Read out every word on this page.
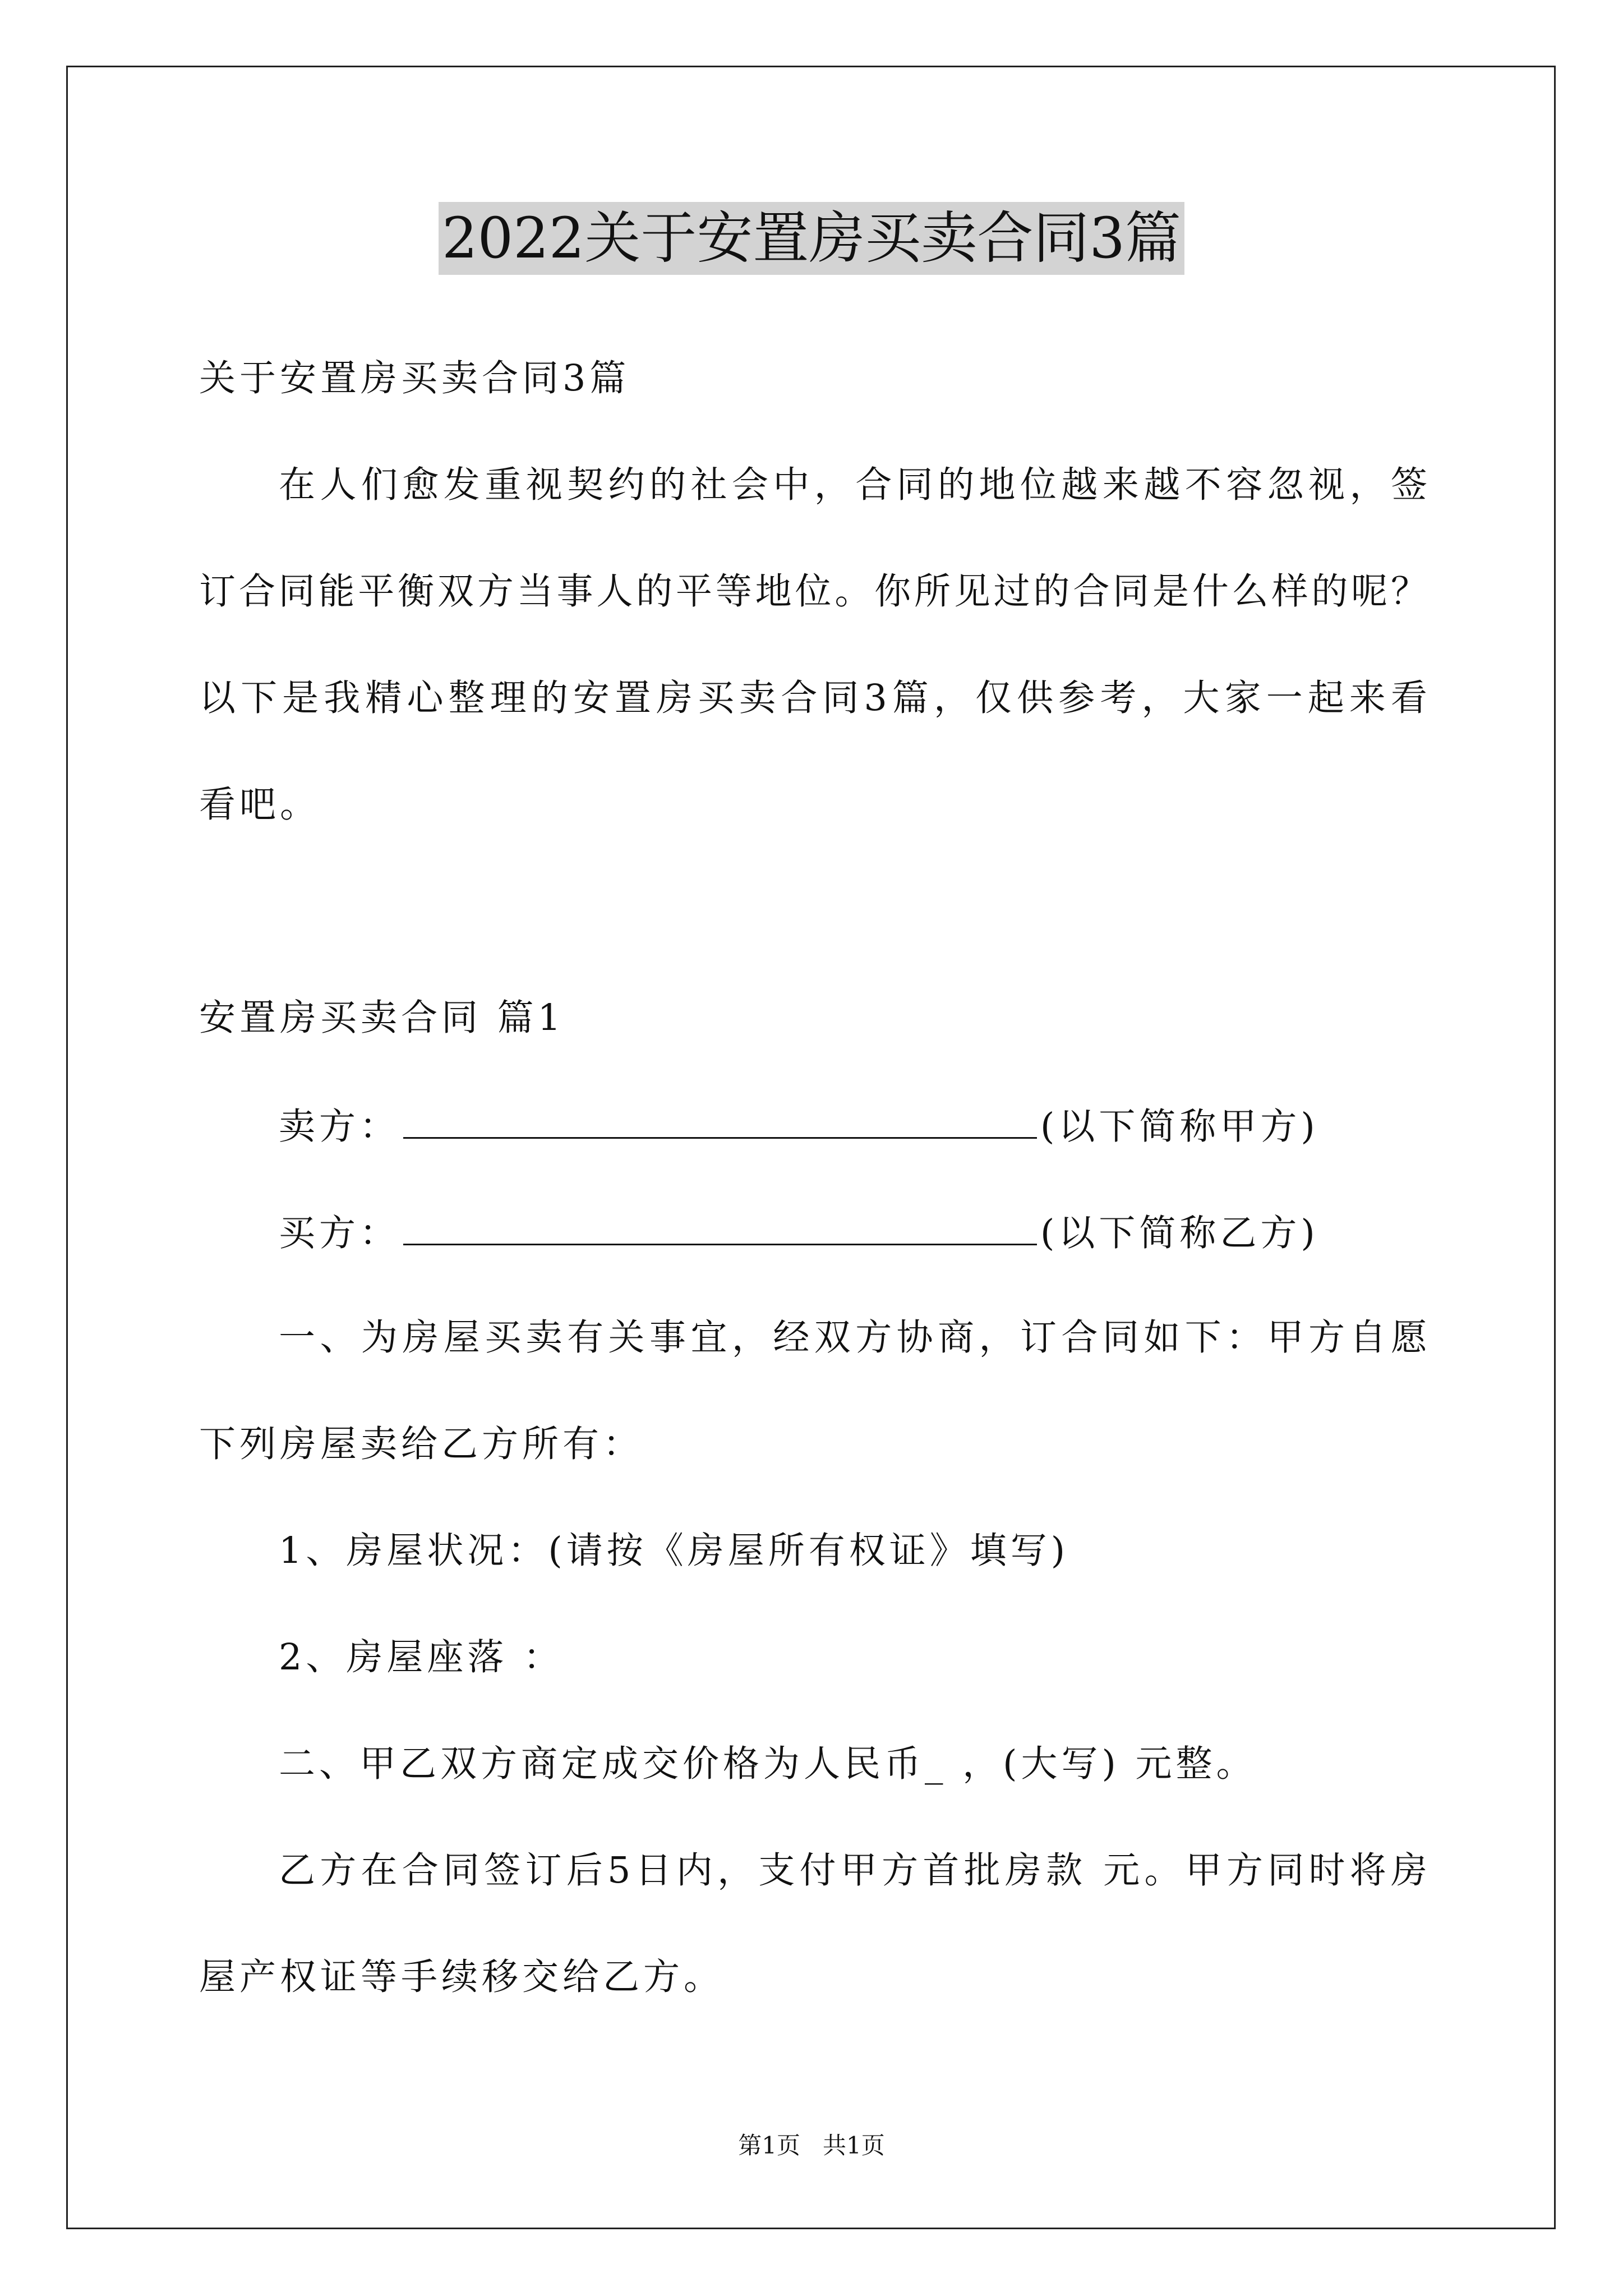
2022关于安置房买卖合同3篇
关于安置房买卖合同3篇
在人们愈发重视契约的社会中，合同的地位越来越不容忽视，签
订合同能平衡双方当事人的平等地位。你所见过的合同是什么样的呢？
以下是我精心整理的安置房买卖合同3篇，仅供参考，大家一起来看
看吧。
安置房买卖合同 篇1
卖方：	(以下简称甲方)
买方：	(以下简称乙方)
一、为房屋买卖有关事宜，经双方协商，订合同如下：甲方自愿
下列房屋卖给乙方所有：
1、房屋状况：(请按《房屋所有权证》填写)
2、房屋座落 ：
二、甲乙双方商定成交价格为人民币_ ，(大写) 元整。
乙方在合同签订后5日内，支付甲方首批房款 元。甲方同时将房
屋产权证等手续移交给乙方。
第1页   共1页
